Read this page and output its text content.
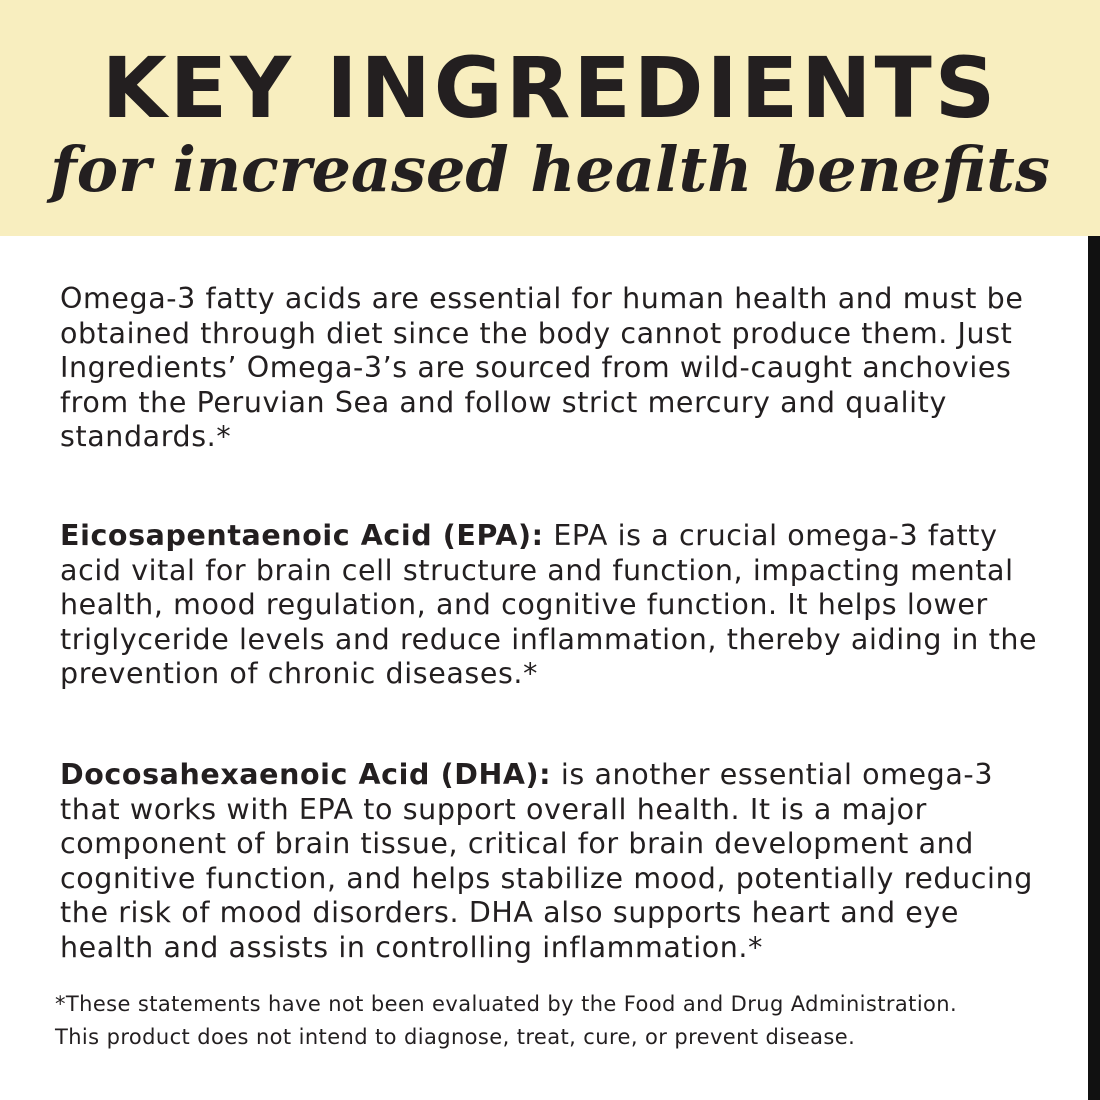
KEY INGREDIENTS
for increased health benefits

Omega-3 fatty acids are essential for human health and must be obtained through diet since the body cannot produce them. Just Ingredients’ Omega-3’s are sourced from wild-caught anchovies from the Peruvian Sea and follow strict mercury and quality standards.*

Eicosapentaenoic Acid (EPA): EPA is a crucial omega-3 fatty acid vital for brain cell structure and function, impacting mental health, mood regulation, and cognitive function. It helps lower triglyceride levels and reduce inflammation, thereby aiding in the prevention of chronic diseases.*

Docosahexaenoic Acid (DHA): is another essential omega-3 that works with EPA to support overall health. It is a major component of brain tissue, critical for brain development and cognitive function, and helps stabilize mood, potentially reducing the risk of mood disorders. DHA also supports heart and eye health and assists in controlling inflammation.*

*These statements have not been evaluated by the Food and Drug Administration.
This product does not intend to diagnose, treat, cure, or prevent disease.
